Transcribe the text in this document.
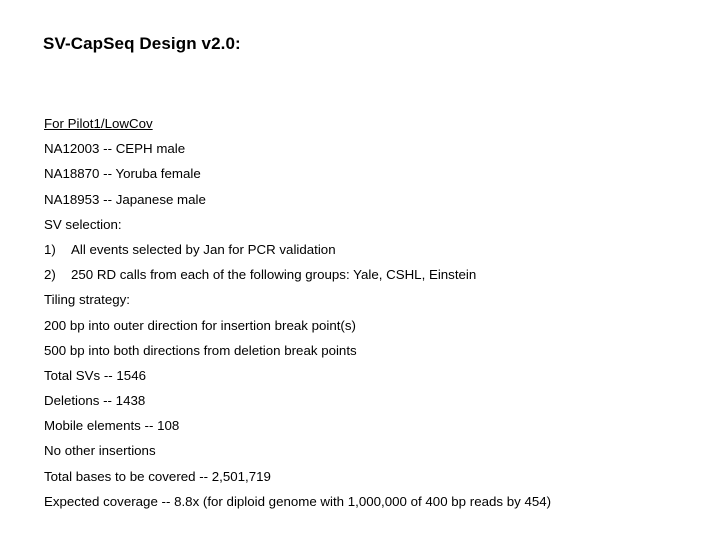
SV-CapSeq Design v2.0:
For Pilot1/LowCov
NA12003 -- CEPH male
NA18870 -- Yoruba female
NA18953 -- Japanese male
SV selection:
1) All events selected by Jan for PCR validation
2) 250 RD calls from each of the following groups: Yale, CSHL, Einstein
Tiling strategy:
200 bp into outer direction for insertion break point(s)
500 bp into both directions from deletion break points
Total SVs -- 1546
Deletions -- 1438
Mobile elements -- 108
No other insertions
Total bases to be covered -- 2,501,719
Expected coverage -- 8.8x (for diploid genome with 1,000,000 of 400 bp reads by 454)
